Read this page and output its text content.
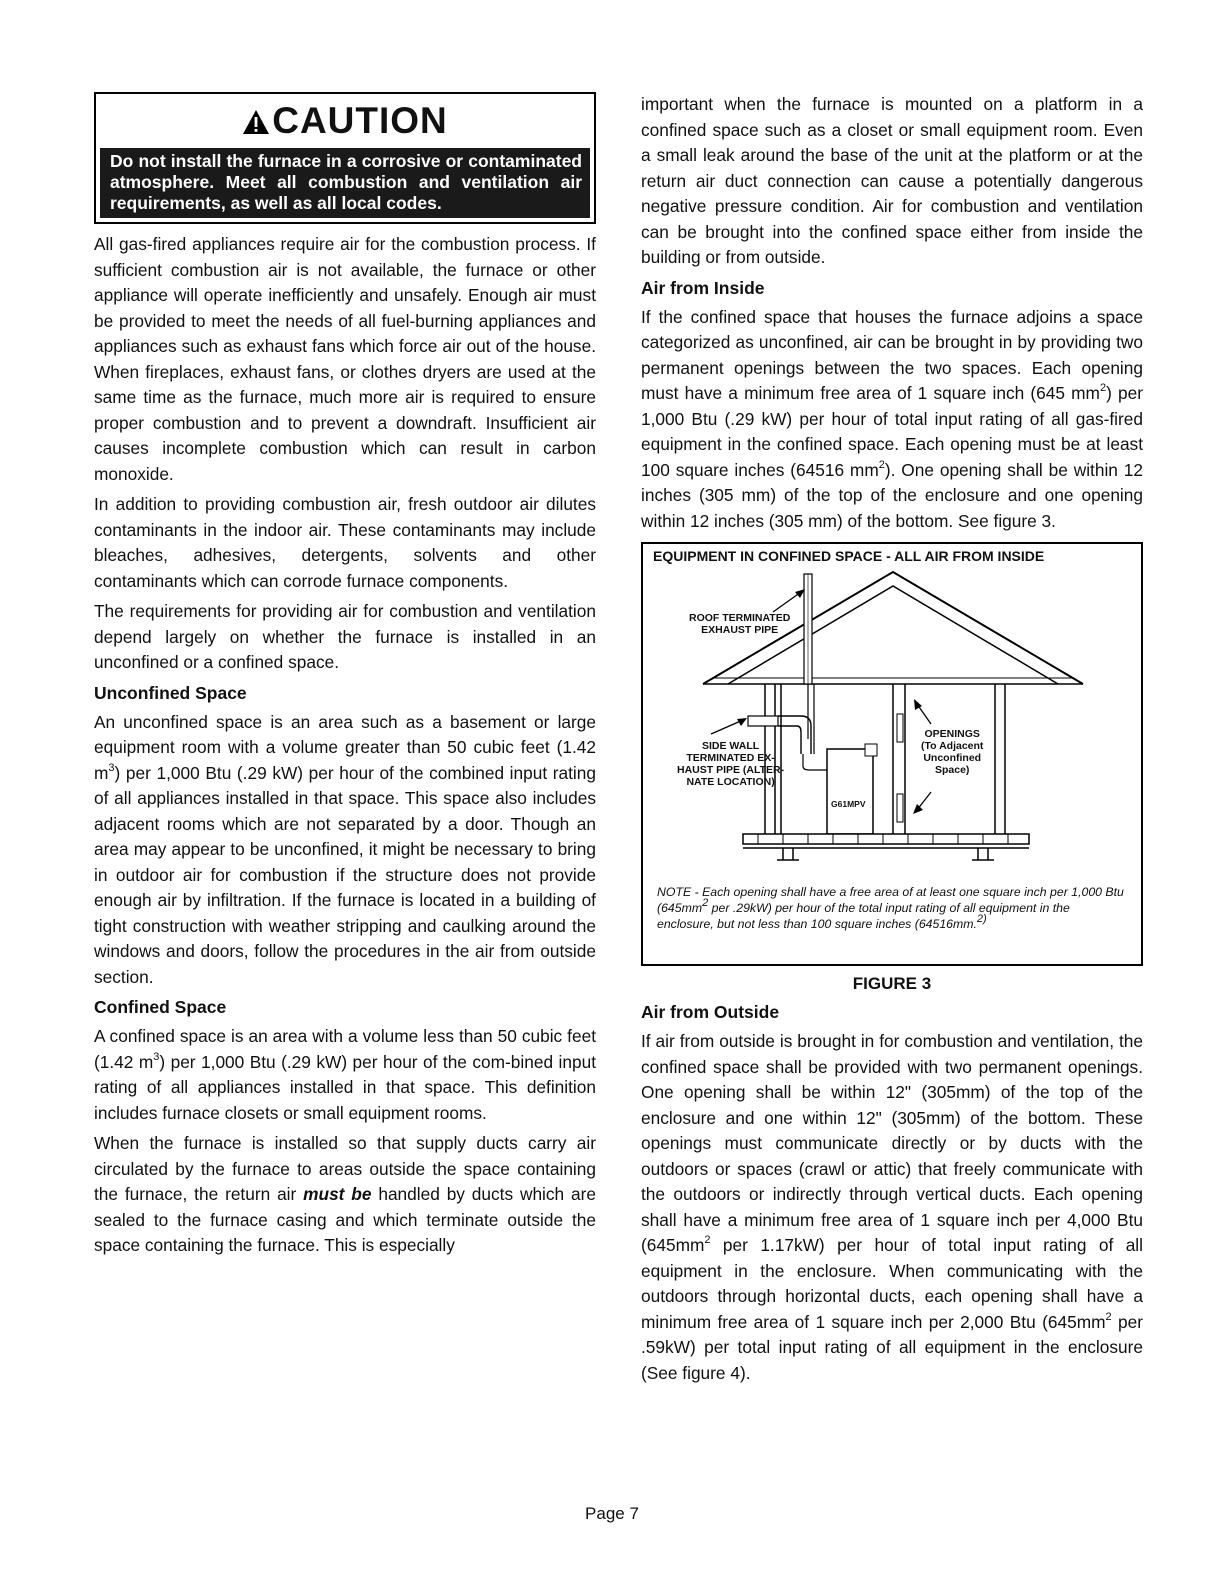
CAUTION
Do not install the furnace in a corrosive or contaminated atmosphere. Meet all combustion and ventilation air requirements, as well as all local codes.

All gas-fired appliances require air for the combustion process. If sufficient combustion air is not available, the furnace or other appliance will operate inefficiently and unsafely. Enough air must be provided to meet the needs of all fuel-burning appliances and appliances such as exhaust fans which force air out of the house. When fireplaces, exhaust fans, or clothes dryers are used at the same time as the furnace, much more air is required to ensure proper combustion and to prevent a downdraft. Insufficient air causes incomplete combustion which can result in carbon monoxide.

In addition to providing combustion air, fresh outdoor air dilutes contaminants in the indoor air. These contaminants may include bleaches, adhesives, detergents, solvents and other contaminants which can corrode furnace components.

The requirements for providing air for combustion and ventilation depend largely on whether the furnace is installed in an unconfined or a confined space.

Unconfined Space

An unconfined space is an area such as a basement or large equipment room with a volume greater than 50 cubic feet (1.42 $m^3$) per 1,000 Btu (.29 kW) per hour of the combined input rating of all appliances installed in that space. This space also includes adjacent rooms which are not separated by a door. Though an area may appear to be unconfined, it might be necessary to bring in outdoor air for combustion if the structure does not provide enough air by infiltration. If the furnace is located in a building of tight construction with weather stripping and caulking around the windows and doors, follow the procedures in the air from outside section.

Confined Space

A confined space is an area with a volume less than 50 cubic feet (1.42 $m^3$) per 1,000 Btu (.29 kW) per hour of the com-bined input rating of all appliances installed in that space. This definition includes furnace closets or small equipment rooms.

When the furnace is installed so that supply ducts carry air circulated by the furnace to areas outside the space containing the furnace, the return air must be handled by ducts which are sealed to the furnace casing and which terminate outside the space containing the furnace. This is especially

important when the furnace is mounted on a platform in a confined space such as a closet or small equipment room. Even a small leak around the base of the unit at the platform or at the return air duct connection can cause a potentially dangerous negative pressure condition. Air for combustion and ventilation can be brought into the confined space either from inside the building or from outside.

Air from Inside

If the confined space that houses the furnace adjoins a space categorized as unconfined, air can be brought in by providing two permanent openings between the two spaces. Each opening must have a minimum free area of 1 square inch (645 $mm^2$) per 1,000 Btu (.29 kW) per hour of total input rating of all gas-fired equipment in the confined space. Each opening must be at least 100 square inches (64516 $mm^2$). One opening shall be within 12 inches (305 mm) of the top of the enclosure and one opening within 12 inches (305 mm) of the bottom. See figure 3.

EQUIPMENT IN CONFINED SPACE - ALL AIR FROM INSIDE
ROOF TERMINATED
EXHAUST PIPE
SIDE WALL
TERMINATED EX-
HAUST PIPE (ALTER-
NATE LOCATION)
OPENINGS
(To Adjacent
Unconfined
Space)
G61MPV
NOTE - Each opening shall have a free area of at least one square inch per 1,000 Btu ($645mm^2$ per .29kW) per hour of the total input rating of all equipment in the enclosure, but not less than 100 square inches (64516mm.$^{2)}$
FIGURE 3
Air from Outside

If air from outside is brought in for combustion and ventilation, the confined space shall be provided with two permanent openings. One opening shall be within 12" (305mm) of the top of the enclosure and one within 12" (305mm) of the bottom. These openings must communicate directly or by ducts with the outdoors or spaces (crawl or attic) that freely communicate with the outdoors or indirectly through vertical ducts. Each opening shall have a minimum free area of 1 square inch per 4,000 Btu ($645mm^2$ per 1.17kW) per hour of total input rating of all equipment in the enclosure. When communicating with the outdoors through horizontal ducts, each opening shall have a minimum free area of 1 square inch per 2,000 Btu ($645mm^2$ per .59kW) per total input rating of all equipment in the enclosure (See figure 4).

Page 7
